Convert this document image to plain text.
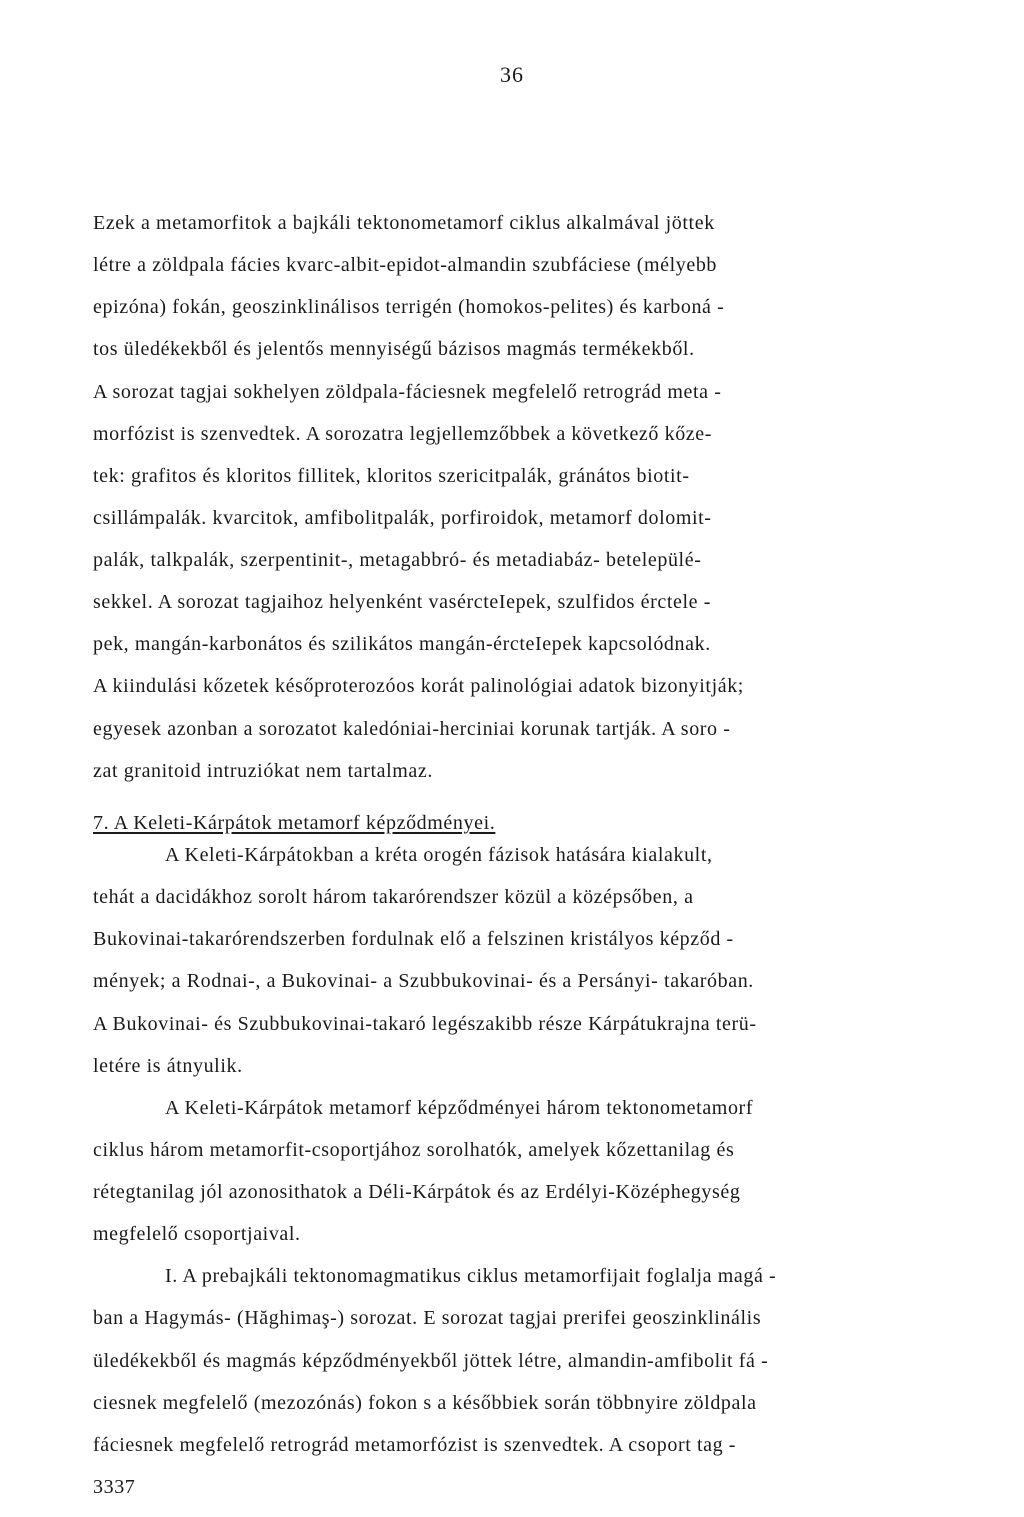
36
Ezek a metamorfitok a bajkáli tektonometamorf ciklus alkalmával jöttek
létre a zöldpala fácies kvarc-albit-epidot-almandin szubfáciese (mélyebb
epizóna) fokán, geoszinklinálisos terrigén (homokos-pelites) és karboná -
tos üledékekből és jelentős mennyiségű bázisos magmás termékekből.
A sorozat tagjai sokhelyen zöldpala-fáciesnek megfelelő retrográd meta -
morfózist is szenvedtek. A sorozatra legjellemzőbbek a következő kőze-
tek: grafitos és kloritos fillitek, kloritos szericitpalák, gránátos biotit-
csillámpalák. kvarcitok, amfibolitpalák, porfiroidok, metamorf dolomit-
palák, talkpalák, szerpentinit-, metagabbró- és metadiabáz- betelepülé-
sekkel. A sorozat tagjaihoz helyenként vasércteIepek, szulfidos érctele -
pek, mangán-karbonátos és szilikátos mangán-ércteIepek kapcsolódnak.
A kiindulási kőzetek későproterozóos korát palinológiai adatok bizonyitják;
egyesek azonban a sorozatot kaledóniai-herciniai korunak tartják. A soro -
zat granitoid intruziókat nem tartalmaz.
7. A Keleti-Kárpátok metamorf képződményei.
A Keleti-Kárpátokban a kréta orogén fázisok hatására kialakult,
tehát a dacidákhoz sorolt három takarórendszer közül a középsőben, a
Bukovinai-takarórendszerben fordulnak elő a felszinen kristályos képződ -
mények; a Rodnai-, a Bukovinai- a Szubbukovinai- és a Persányi- takaróban.
A Bukovinai- és Szubbukovinai-takaró legészakibb része Kárpátukrajna terü-
letére is átnyulik.
A Keleti-Kárpátok metamorf képződményei három tektonometamorf
ciklus három metamorfit-csoportjához sorolhatók, amelyek kőzettanilag és
rétegtanilag jól azonosithatok a Déli-Kárpátok és az Erdélyi-Középhegység
megfelelő csoportjaival.
I. A prebajkáli tektonomagmatikus ciklus metamorfijait foglalja magá -
ban a Hagymás- (Hăghimaş-) sorozat. E sorozat tagjai prerifei geoszinklinális
üledékekből és magmás képződményekből jöttek létre, almandin-amfibolit fá -
ciesnek megfelelő (mezozónás) fokon s a későbbiek során többnyire zöldpala
fáciesnek megfelelő retrográd metamorfózist is szenvedtek. A csoport tag -
3337
